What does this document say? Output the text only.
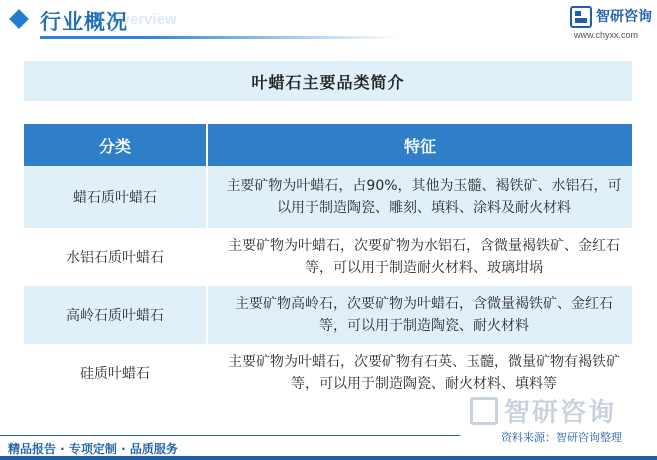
Overview
行业概况	智研咨询
www.chyxx.com
叶蜡石主要品类简介
分类	特征
蜡石质叶蜡石
主要矿物为叶蜡石，占90%，其他为玉髓、褐铁矿、水铝石，可以用于制造陶瓷、雕刻、填料、涂料及耐火材料
水铝石质叶蜡石
主要矿物为叶蜡石，次要矿物为水铝石，含微量褐铁矿、金红石等，可以用于制造耐火材料、玻璃坩埚
高岭石质叶蜡石
主要矿物高岭石，次要矿物为叶蜡石，含微量褐铁矿、金红石等，可以用于制造陶瓷、耐火材料
硅质叶蜡石
主要矿物为叶蜡石，次要矿物有石英、玉髓，微量矿物有褐铁矿等，可以用于制造陶瓷、耐火材料、填料等
智研咨询
资料来源：智研咨询整理
精品报告 · 专项定制 · 品质服务
